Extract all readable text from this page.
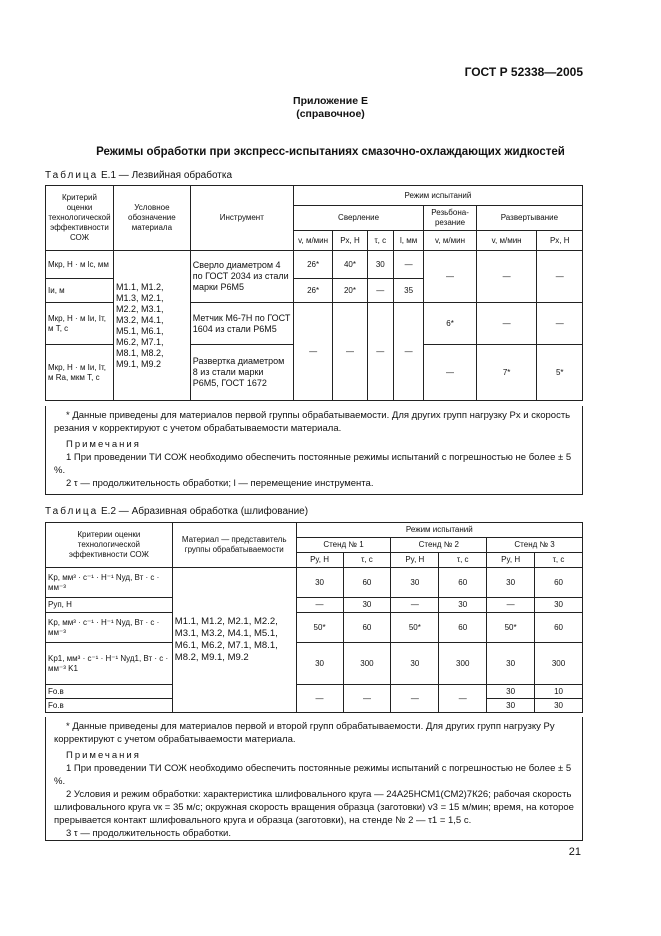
ГОСТ Р 52338—2005
Приложение Е
(справочное)
Режимы обработки при экспресс-испытаниях смазочно-охлаждающих жидкостей
Таблица Е.1 — Лезвийная обработка
Критерий оценки технологической эффективности СОЖ	Условное обозначение материала	Инструмент	Режим испытаний						
			Сверление				Резьбона-резание	Развертывание	
			v, м/мин	Px, Н	τ, с	l, мм	v, м/мин	v, м/мин	Px, Н
Mкр, Н · м lc, мм	М1.1, М1.2, М1.3, М2.1, М2.2, М3.1, М3.2, М4.1, М5.1, М6.1, М6.2, М7.1, М8.1, М8.2, М9.1, М9.2	Сверло диаметром 4 по ГОСТ 2034 из стали марки Р6М5	26*	40*	30	—	—	—	—
Iи, м			26*	20*	—	35			
Mкр, Н · м Iи, Iт, м T, с		Метчик М6-7Н по ГОСТ 1604 из стали Р6М5	—	—	—	—	6*	—	—
Mкр, Н · м Iи, Iт, м Ra, мкм T, с		Развертка диаметром 8 из стали марки Р6М5, ГОСТ 1672					—	7*	5*

* Данные приведены для материалов первой группы обрабатываемости. Для других групп нагрузку Px и скорость резания v корректируют с учетом обрабатываемости материала.

Примечания

1 При проведении ТИ СОЖ необходимо обеспечить постоянные режимы испытаний с погрешностью не более ± 5 %.

2 τ — продолжительность обработки; l — перемещение инструмента.

Таблица Е.2 — Абразивная обработка (шлифование)
Критерии оценки технологической эффективности СОЖ	Материал — представитель группы обрабатываемости	Режим испытаний					
		Стенд № 1		Стенд № 2		Стенд № 3	
		Py, Н	τ, с	Py, Н	τ, с	Py, Н	τ, с
Kр, мм³ · с⁻¹ · Н⁻¹ Nуд, Вт · с · мм⁻³	М1.1, М1.2, М2.1, М2.2, М3.1, М3.2, М4.1, М5.1, М6.1, М6.2, М7.1, М8.1, М8.2, М9.1, М9.2	30	60	30	60	30	60
Pуп, Н		—	30	—	30	—	30
Kр, мм³ · с⁻¹ · Н⁻¹ Nуд, Вт · с · мм⁻³		50*	60	50*	60	50*	60
Kр1, мм³ · с⁻¹ · Н⁻¹ Nуд1, Вт · с · мм⁻³ K1		30	300	30	300	30	300
Fо.в		—	—	—	—	30	10
Fо.в						30	30

* Данные приведены для материалов первой и второй групп обрабатываемости. Для других групп нагрузку Py корректируют с учетом обрабатываемости материала.

Примечания

1 При проведении ТИ СОЖ необходимо обеспечить постоянные режимы испытаний с погрешностью не более ± 5 %.

2 Условия и режим обработки: характеристика шлифовального круга — 24А25НСМ1(СМ2)7К26; рабочая скорость шлифовального круга vк = 35 м/с; окружная скорость вращения образца (заготовки) v3 = 15 м/мин; время, на которое прерывается контакт шлифовального круга и образца (заготовки), на стенде № 2 — τ1 = 1,5 с.

3 τ — продолжительность обработки.

21
